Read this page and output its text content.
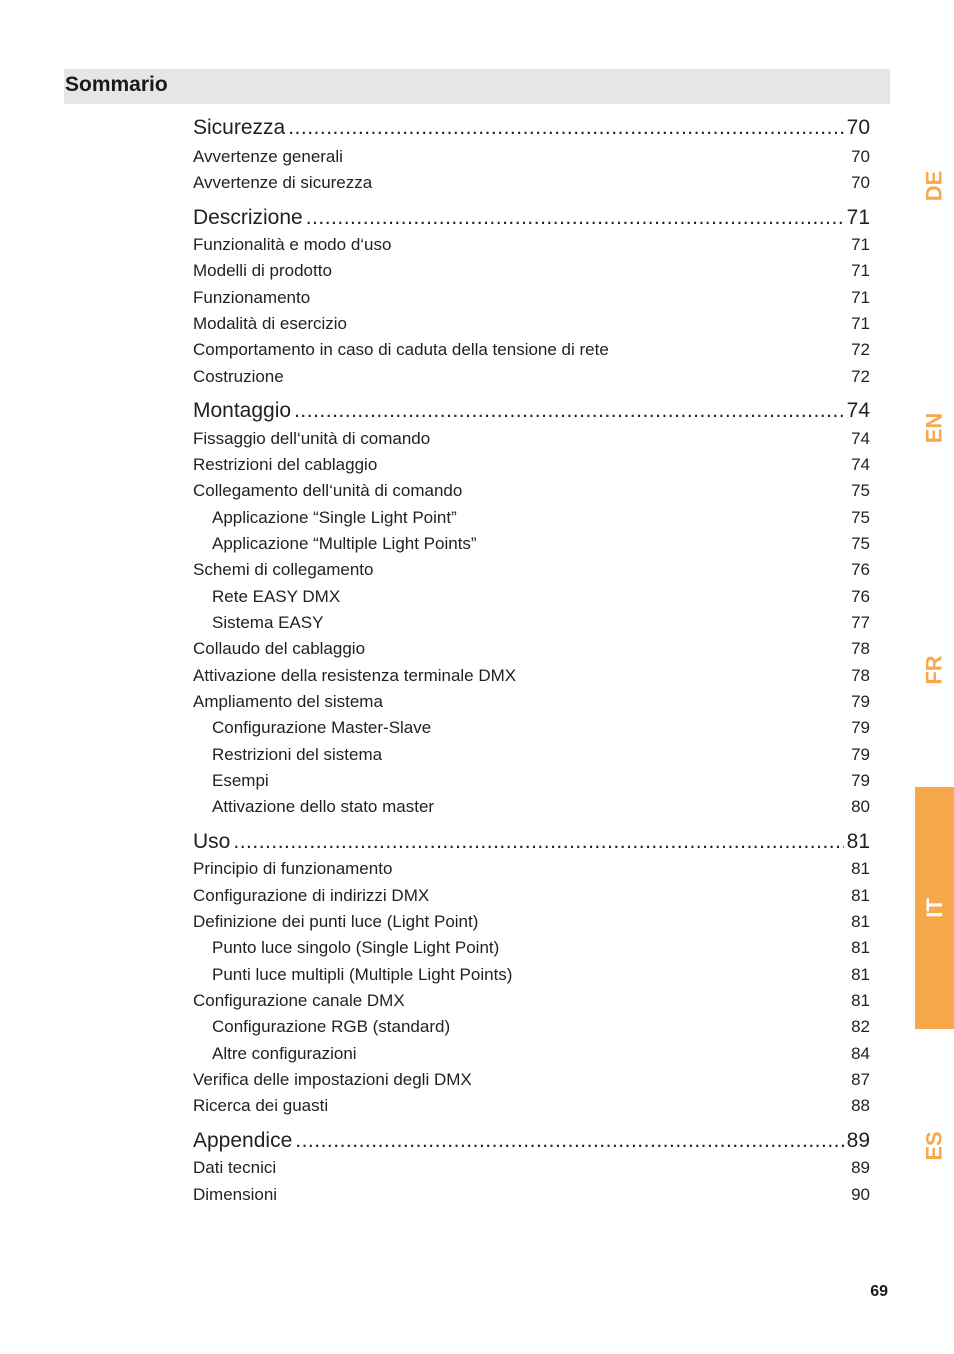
Sommario
Sicurezza .....	70
Avvertenze generali	70
Avvertenze di sicurezza	70
Descrizione .....	71
Funzionalità e modo d‘uso	71
Modelli di prodotto	71
Funzionamento	71
Modalità di esercizio	71
Comportamento in caso di caduta della tensione di rete	72
Costruzione	72
Montaggio .....	74
Fissaggio dell‘unità di comando	74
Restrizioni del cablaggio	74
Collegamento dell‘unità di comando	75
Applicazione “Single Light Point”	75
Applicazione “Multiple Light Points”	75
Schemi di collegamento	76
Rete EASY DMX	76
Sistema EASY	77
Collaudo del cablaggio	78
Attivazione della resistenza terminale DMX	78
Ampliamento del sistema	79
Configurazione Master-Slave	79
Restrizioni del sistema	79
Esempi	79
Attivazione dello stato master	80
Uso .....	81
Principio di funzionamento	81
Configurazione di indirizzi DMX	81
Definizione dei punti luce (Light Point)	81
Punto luce singolo (Single Light Point)	81
Punti luce multipli (Multiple Light Points)	81
Configurazione canale DMX	81
Configurazione RGB (standard)	82
Altre configurazioni	84
Verifica delle impostazioni degli DMX	87
Ricerca dei guasti	88
Appendice .....	89
Dati tecnici	89
Dimensioni	90
DE
EN
FR
IT
ES
69
